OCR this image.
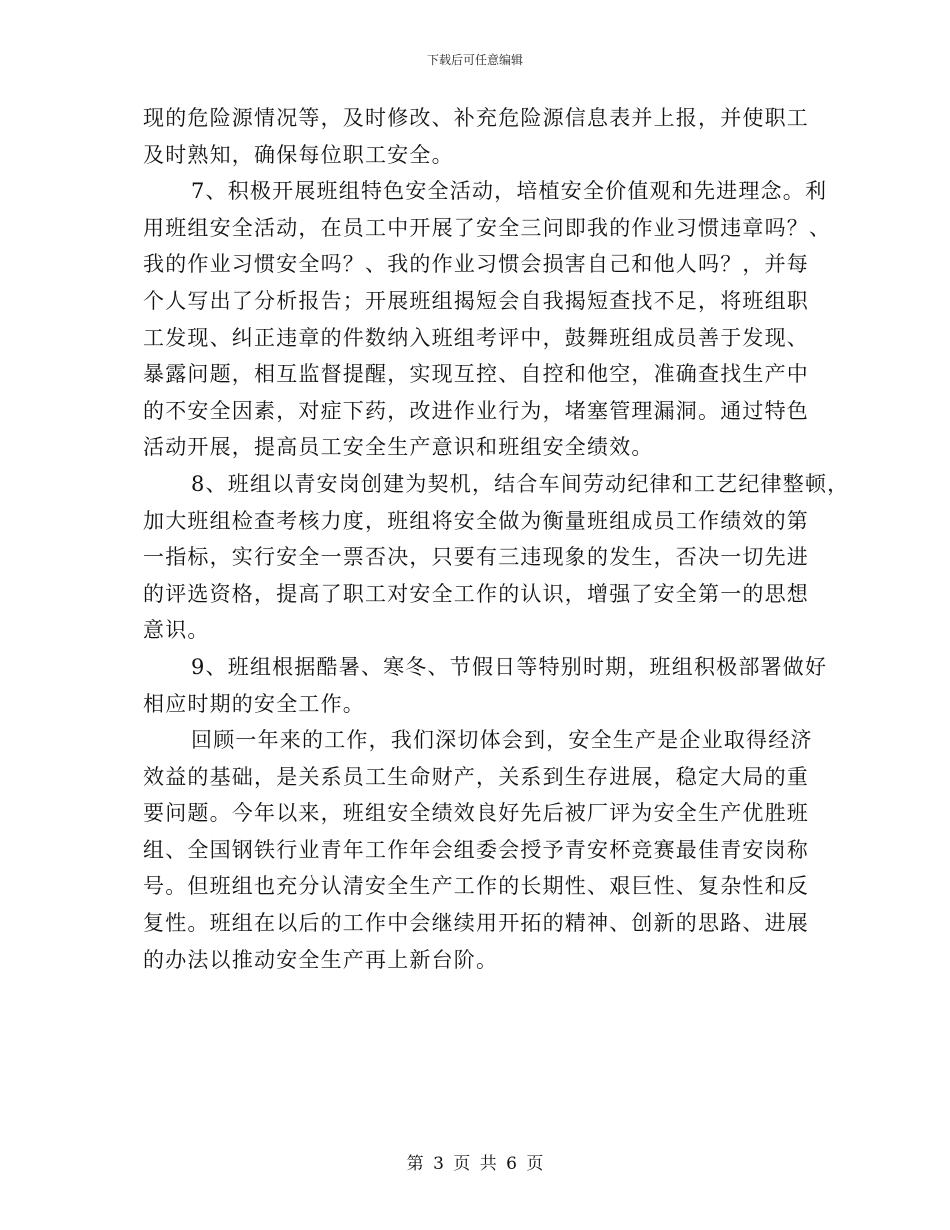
下载后可任意编辑
现的危险源情况等，及时修改、补充危险源信息表并上报，并使职工
及时熟知，确保每位职工安全。
7、积极开展班组特色安全活动，培植安全价值观和先进理念。利
用班组安全活动，在员工中开展了安全三问即我的作业习惯违章吗？、
我的作业习惯安全吗？、我的作业习惯会损害自己和他人吗？，并每
个人写出了分析报告；开展班组揭短会自我揭短查找不足，将班组职
工发现、纠正违章的件数纳入班组考评中，鼓舞班组成员善于发现、
暴露问题，相互监督提醒，实现互控、自控和他空，准确查找生产中
的不安全因素，对症下药，改进作业行为，堵塞管理漏洞。通过特色
活动开展，提高员工安全生产意识和班组安全绩效。
8、班组以青安岗创建为契机，结合车间劳动纪律和工艺纪律整顿，
加大班组检查考核力度，班组将安全做为衡量班组成员工作绩效的第
一指标，实行安全一票否决，只要有三违现象的发生，否决一切先进
的评选资格，提高了职工对安全工作的认识，增强了安全第一的思想
意识。
9、班组根据酷暑、寒冬、节假日等特别时期，班组积极部署做好
相应时期的安全工作。
回顾一年来的工作，我们深切体会到，安全生产是企业取得经济
效益的基础，是关系员工生命财产，关系到生存进展，稳定大局的重
要问题。今年以来，班组安全绩效良好先后被厂评为安全生产优胜班
组、全国钢铁行业青年工作年会组委会授予青安杯竞赛最佳青安岗称
号。但班组也充分认清安全生产工作的长期性、艰巨性、复杂性和反
复性。班组在以后的工作中会继续用开拓的精神、创新的思路、进展
的办法以推动安全生产再上新台阶。
第 3 页 共 6 页
